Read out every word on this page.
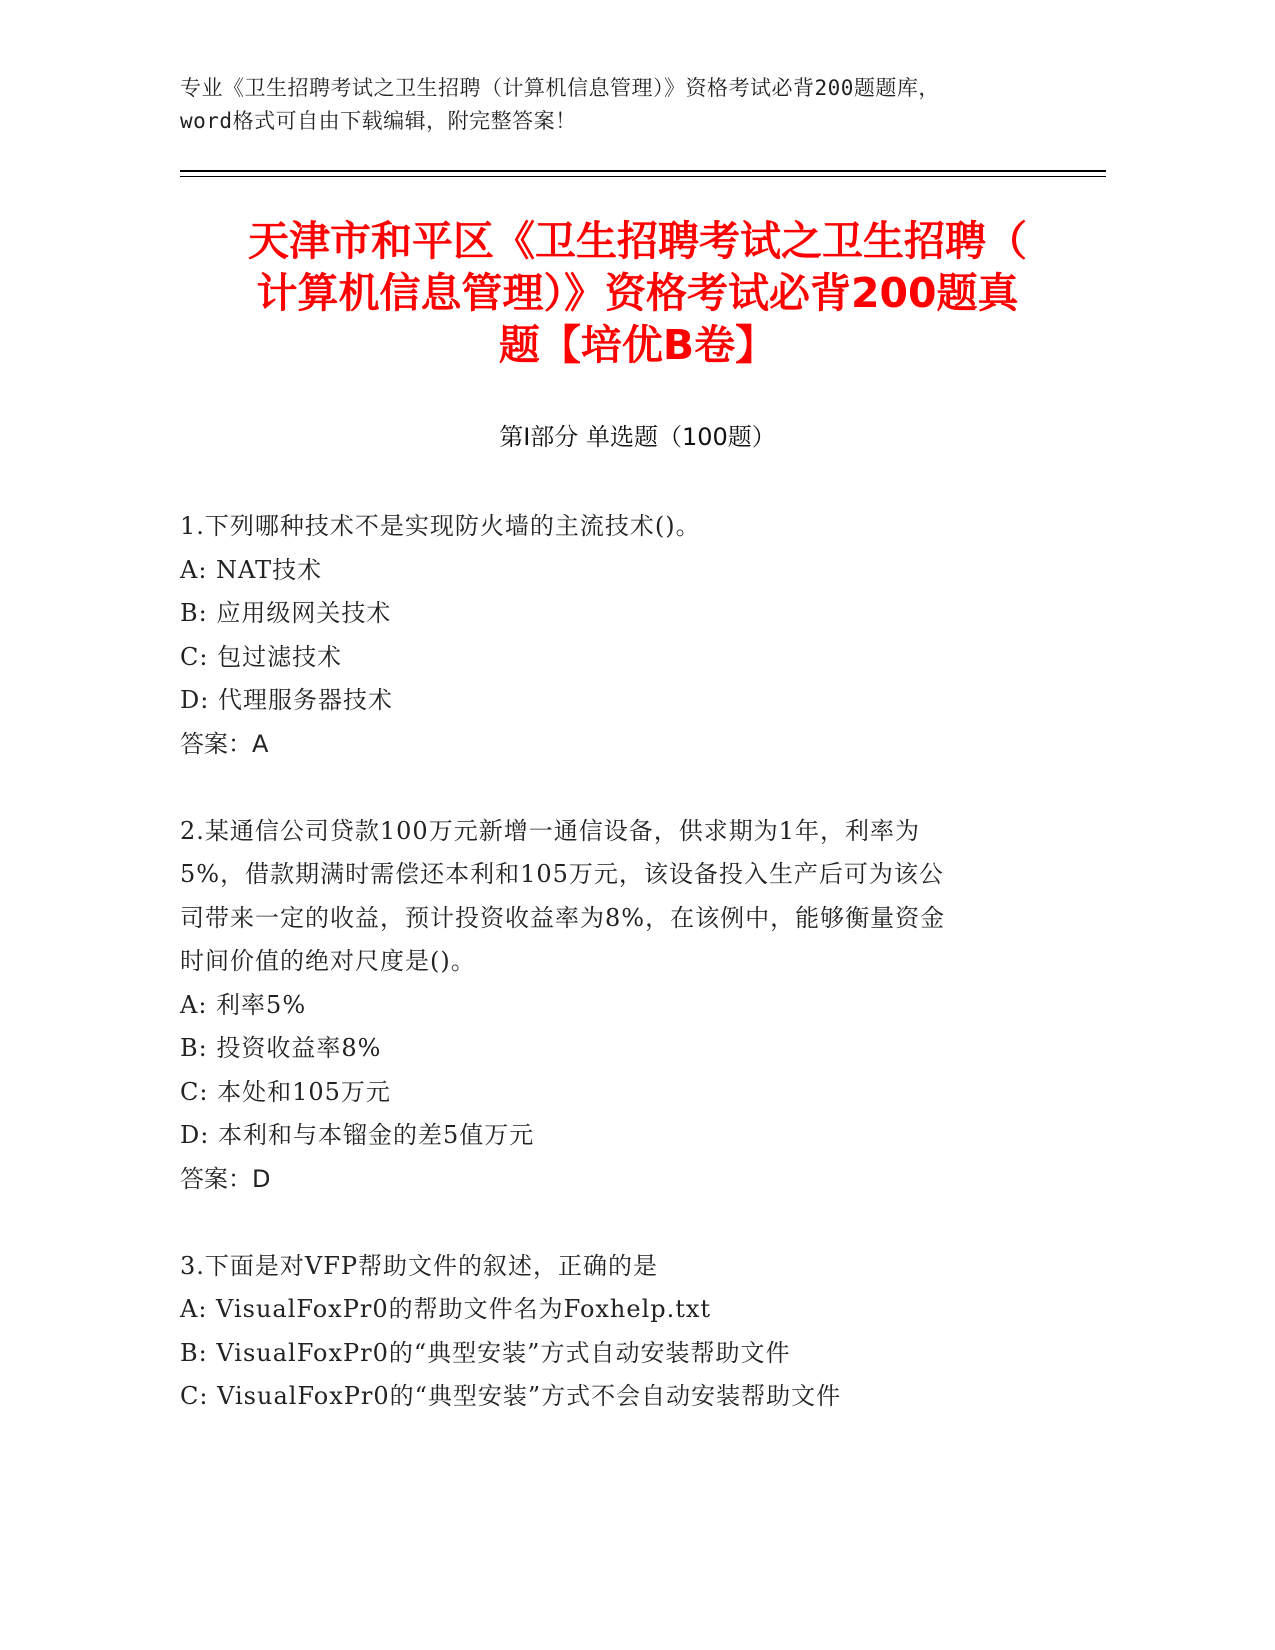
专业《卫生招聘考试之卫生招聘（计算机信息管理）》资格考试必背200题题库，
word格式可自由下载编辑，附完整答案！
天津市和平区《卫生招聘考试之卫生招聘（
计算机信息管理）》资格考试必背200题真
题【培优B卷】
第Ⅰ部分 单选题（100题）
1.下列哪种技术不是实现防火墙的主流技术()。
A: NAT技术
B: 应用级网关技术
C: 包过滤技术
D: 代理服务器技术
答案：A
2.某通信公司贷款100万元新增一通信设备，供求期为1年，利率为
5%，借款期满时需偿还本利和105万元，该设备投入生产后可为该公
司带来一定的收益，预计投资收益率为8%，在该例中，能够衡量资金
时间价值的绝对尺度是()。
A: 利率5%
B: 投资收益率8%
C: 本处和105万元
D: 本利和与本镏金的差5值万元
答案：D
3.下面是对VFP帮助文件的叙述，正确的是
A: VisualFoxPr0的帮助文件名为Foxhelp.txt
B: VisualFoxPr0的“典型安装”方式自动安装帮助文件
C: VisualFoxPr0的“典型安装”方式不会自动安装帮助文件
